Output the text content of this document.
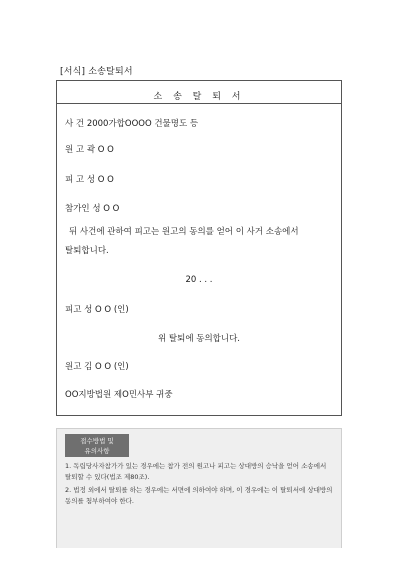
[서식] 소송탈퇴서
소 송 탈 퇴 서
사 건 2000가합OOOO 건물명도 등
원 고 곽 O O
피 고 성 O O
참가인 성 O O
뒤 사건에 관하여 피고는 원고의 동의를 얻어 이 사거 소송에서 탈퇴합니다.
20 . . .
피고 성 O O (인)
위 탈퇴에 동의합니다.
원고 김 O O (인)
OO지방법원 제O민사부 귀중
접수방법 및
유의사항
1. 독립당사자참가가 있는 경우에는 참가 전의 원고나 피고는 상대방의 승낙을 얻어 소송에서 탈퇴할 수 있다(법조 제80조).
2. 법정 외에서 탈퇴를 하는 경우에는 서면에 의하여야 하며, 이 경우에는 이 탈퇴서에 상대방의 동의를 첨부하여야 한다.
